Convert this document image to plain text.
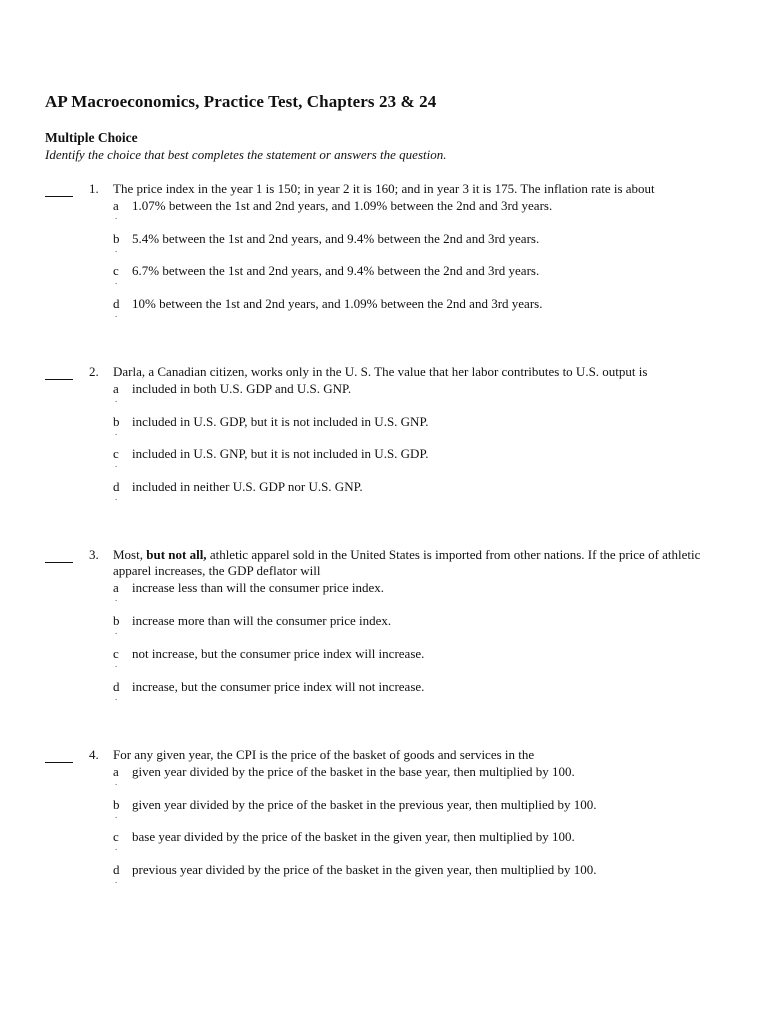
AP Macroeconomics, Practice Test, Chapters 23 & 24
Multiple Choice
Identify the choice that best completes the statement or answers the question.
1. The price index in the year 1 is 150; in year 2 it is 160; and in year 3 it is 175. The inflation rate is about
a
.
1.07% between the 1st and 2nd years, and 1.09% between the 2nd and 3rd years.
b
.
5.4% between the 1st and 2nd years, and 9.4% between the 2nd and 3rd years.
c
.
6.7% between the 1st and 2nd years, and 9.4% between the 2nd and 3rd years.
d
.
10% between the 1st and 2nd years, and 1.09% between the 2nd and 3rd years.
2. Darla, a Canadian citizen, works only in the U. S. The value that her labor contributes to U.S. output is
a
.
included in both U.S. GDP and U.S. GNP.
b
.
included in U.S. GDP, but it is not included in U.S. GNP.
c
.
included in U.S. GNP, but it is not included in U.S. GDP.
d
.
included in neither U.S. GDP nor U.S. GNP.
3. Most, but not all, athletic apparel sold in the United States is imported from other nations. If the price of athletic apparel increases, the GDP deflator will
a
.
increase less than will the consumer price index.
b
.
increase more than will the consumer price index.
c
.
not increase, but the consumer price index will increase.
d
.
increase, but the consumer price index will not increase.
4. For any given year, the CPI is the price of the basket of goods and services in the
a
.
given year divided by the price of the basket in the base year, then multiplied by 100.
b
.
given year divided by the price of the basket in the previous year, then multiplied by 100.
c
.
base year divided by the price of the basket in the given year, then multiplied by 100.
d
.
previous year divided by the price of the basket in the given year, then multiplied by 100.
